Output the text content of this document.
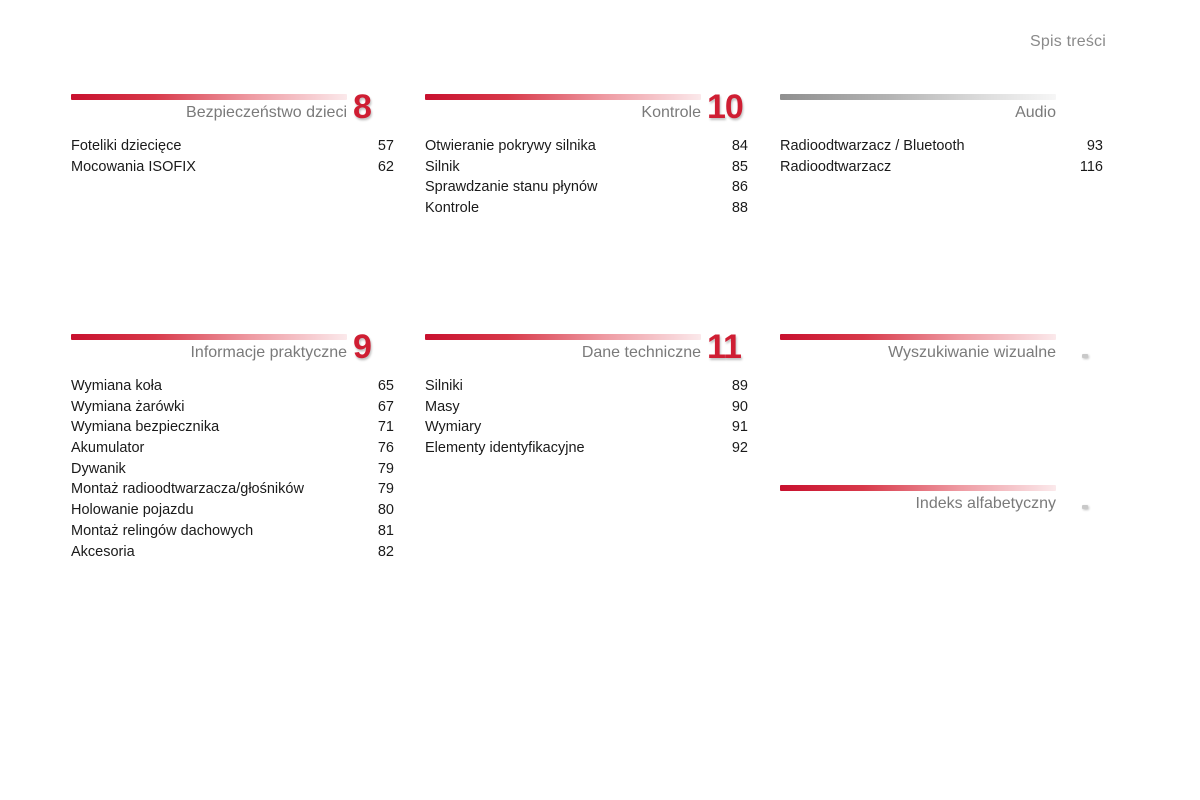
Spis treści
Bezpieczeństwo dzieci 8
Foteliki dziecięce	57
Mocowania ISOFIX	62
Kontrole 10
Otwieranie pokrywy silnika	84
Silnik	85
Sprawdzanie stanu płynów	86
Kontrole	88
Audio
Radioodtwarzacz / Bluetooth	93
Radioodtwarzacz	116
Informacje praktyczne 9
Wymiana koła	65
Wymiana żarówki	67
Wymiana bezpiecznika	71
Akumulator	76
Dywanik	79
Montaż radioodtwarzacza/głośników	79
Holowanie pojazdu	80
Montaż relingów dachowych	81
Akcesoria	82
Dane techniczne 11
Silniki	89
Masy	90
Wymiary	91
Elementy identyfikacyjne	92
Wyszukiwanie wizualne
Indeks alfabetyczny
